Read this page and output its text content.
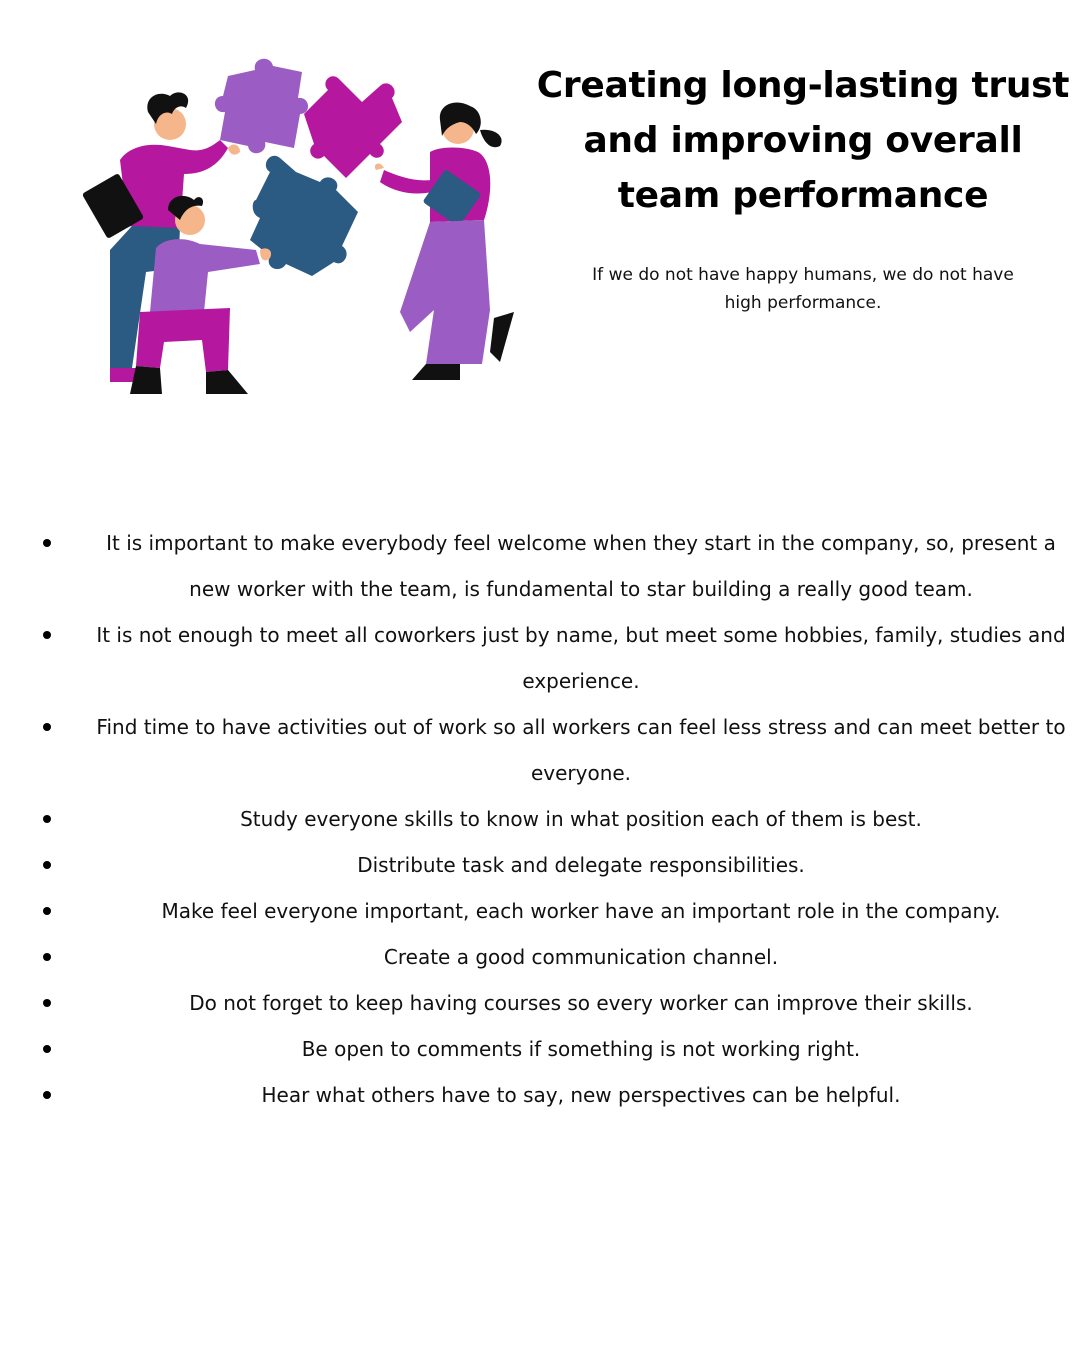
Creating long-lasting trust
and improving overall
team performance

If we do not have happy humans, we do not have high performance.

It is important to make everybody feel welcome when they start in the company, so, present a new worker with the team, is fundamental to star building a really good team.
It is not enough to meet all coworkers just by name, but meet some hobbies, family, studies and experience.
Find time to have activities out of work so all workers can feel less stress and can meet better to everyone.
Study everyone skills to know in what position each of them is best.
Distribute task and delegate responsibilities.
Make feel everyone important, each worker have an important role in the company.
Create a good communication channel.
Do not forget to keep having courses so every worker can improve their skills.
Be open to comments if something is not working right.
Hear what others have to say, new perspectives can be helpful.
